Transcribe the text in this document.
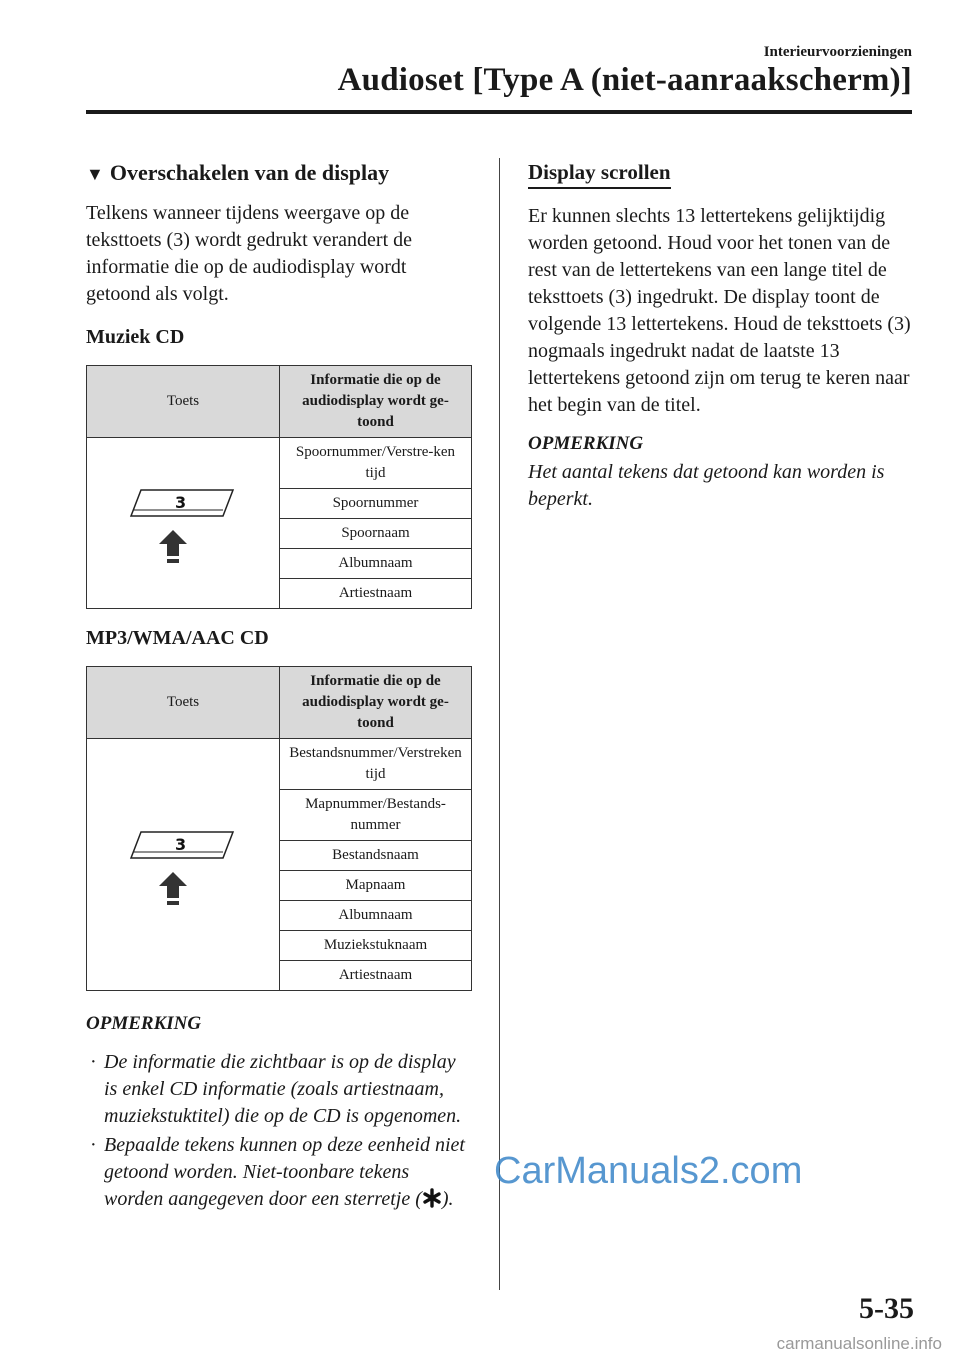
Interieurvoorzieningen
Audioset [Type A (niet-aanraakscherm)]
▼ Overschakelen van de display

Telkens wanneer tijdens weergave op de teksttoets (3) wordt gedrukt verandert de informatie die op de audiodisplay wordt getoond als volgt.

Muziek CD
Toets	Informatie die op de audiodisplay wordt ge-toond

3	Spoornummer/Verstre-ken tijd
	Spoornummer
	Spoornaam
	Albumnaam
	Artiestnaam
MP3/WMA/AAC CD
Toets	Informatie die op de audiodisplay wordt ge-toond

3	Bestandsnummer/Verstreken tijd
	Mapnummer/Bestands-nummer
	Bestandsnaam
	Mapnaam
	Albumnaam
	Muziekstuknaam
	Artiestnaam
OPMERKING
· De informatie die zichtbaar is op de display is enkel CD informatie (zoals artiestnaam, muziekstuktitel) die op de CD is opgenomen.
· Bepaalde tekens kunnen op deze eenheid niet getoond worden. Niet-toonbare tekens worden aangegeven door een sterretje ( ).
Display scrollen

Er kunnen slechts 13 lettertekens gelijktijdig worden getoond. Houd voor het tonen van de rest van de lettertekens van een lange titel de teksttoets (3) ingedrukt. De display toont de volgende 13 lettertekens. Houd de teksttoets (3) nogmaals ingedrukt nadat de laatste 13 lettertekens getoond zijn om terug te keren naar het begin van de titel.

OPMERKING

Het aantal tekens dat getoond kan worden is beperkt.

CarManuals2.com
5-35
carmanualsonline.info
